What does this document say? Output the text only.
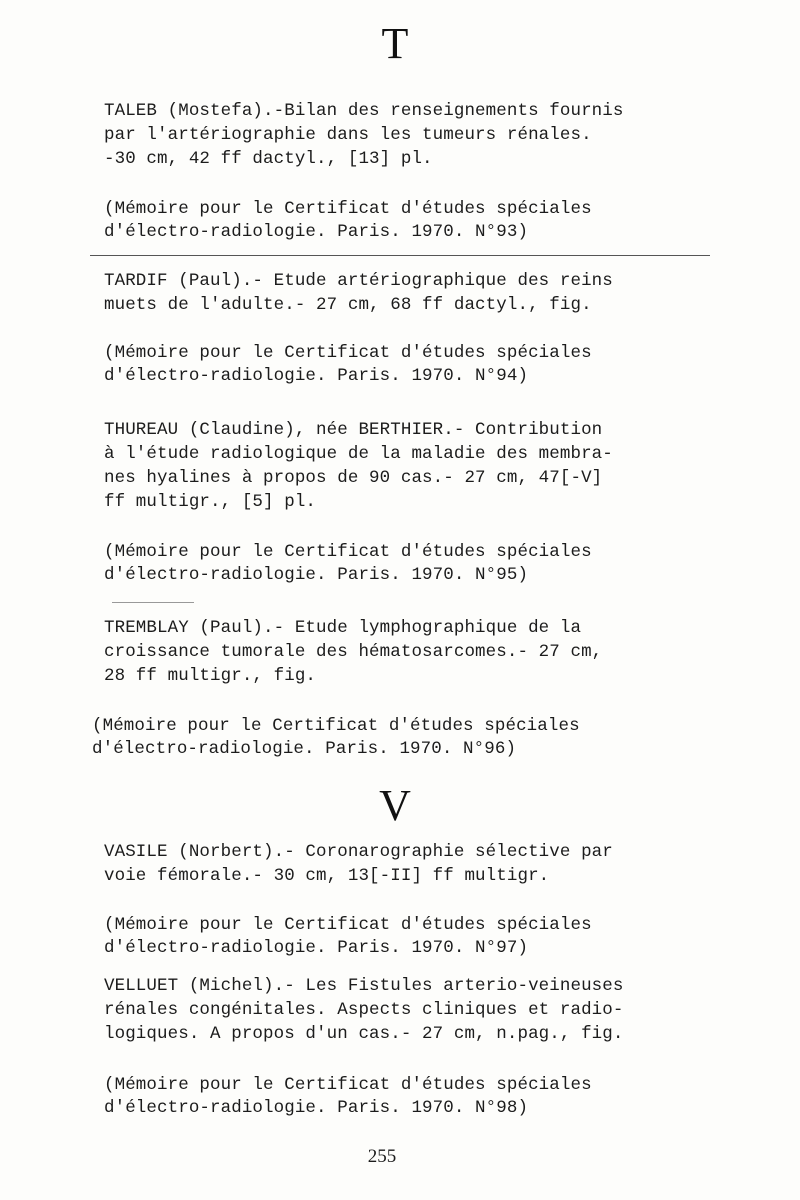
T
TALEB (Mostefa).-Bilan des renseignements fournis
par l'artériographie dans les tumeurs rénales.
-30 cm, 42 ff dactyl., [13] pl.
(Mémoire pour le Certificat d'études spéciales
d'électro-radiologie. Paris. 1970. N°93)
TARDIF (Paul).- Etude artériographique des reins
muets de l'adulte.- 27 cm, 68 ff dactyl., fig.
(Mémoire pour le Certificat d'études spéciales
d'électro-radiologie. Paris. 1970. N°94)
THUREAU (Claudine), née BERTHIER.- Contribution
à l'étude radiologique de la maladie des membra-
nes hyalines à propos de 90 cas.- 27 cm, 47[-V]
ff multigr., [5] pl.
(Mémoire pour le Certificat d'études spéciales
d'électro-radiologie. Paris. 1970. N°95)
TREMBLAY (Paul).- Etude lymphographique de la
croissance tumorale des hématosarcomes.- 27 cm,
28 ff multigr., fig.
(Mémoire pour le Certificat d'études spéciales
d'électro-radiologie. Paris. 1970. N°96)
V
VASILE (Norbert).- Coronarographie sélective par
voie fémorale.- 30 cm, 13[-II] ff multigr.
(Mémoire pour le Certificat d'études spéciales
d'électro-radiologie. Paris. 1970. N°97)
VELLUET (Michel).- Les Fistules arterio-veineuses
rénales congénitales. Aspects cliniques et radio-
logiques. A propos d'un cas.- 27 cm, n.pag., fig.
(Mémoire pour le Certificat d'études spéciales
d'électro-radiologie. Paris. 1970. N°98)
255
